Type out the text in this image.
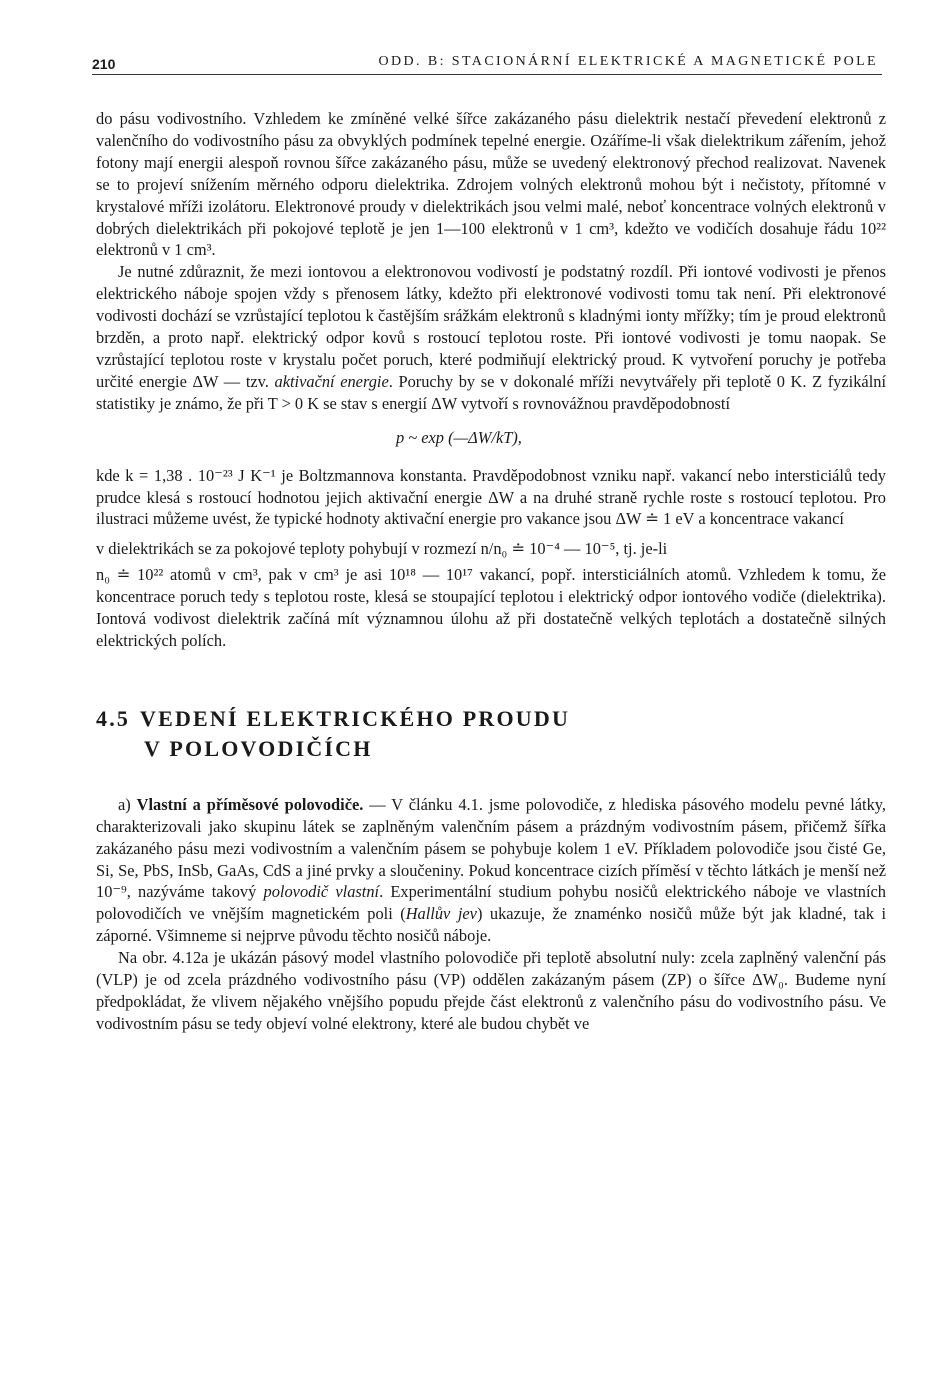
210	ODD. B: STACIONÁRNÍ ELEKTRICKÉ A MAGNETICKÉ POLE

do pásu vodivostního. Vzhledem ke zmíněné velké šířce zakázaného pásu dielektrik nestačí převedení elektronů z valenčního do vodivostního pásu za obvyklých podmínek tepelné energie. Ozáříme-li však dielektrikum zářením, jehož fotony mají energii alespoň rovnou šířce zakázaného pásu, může se uvedený elektronový přechod realizovat. Navenek se to projeví snížením měrného odporu dielektrika. Zdrojem volných elektronů mohou být i nečistoty, přítomné v krystalové mříži izolátoru. Elektronové proudy v dielektrikách jsou velmi malé, neboť koncentrace volných elektronů v dobrých dielektrikách při pokojové teplotě je jen 1—100 elektronů v 1 cm³, kdežto ve vodičích dosahuje řádu 10²² elektronů v 1 cm³.

Je nutné zdůraznit, že mezi iontovou a elektronovou vodivostí je podstatný rozdíl. Při iontové vodivosti je přenos elektrického náboje spojen vždy s přenosem látky, kdežto při elektronové vodivosti tomu tak není. Při elektronové vodivosti dochází se vzrůstající teplotou k častějším srážkám elektronů s kladnými ionty mřížky; tím je proud elektronů brzděn, a proto např. elektrický odpor kovů s rostoucí teplotou roste. Při iontové vodivosti je tomu naopak. Se vzrůstající teplotou roste v krystalu počet poruch, které podmiňují elektrický proud. K vytvoření poruchy je potřeba určité energie ΔW — tzv. aktivační energie. Poruchy by se v dokonalé mříži nevytvářely při teplotě 0 K. Z fyzikální statistiky je známo, že při T > 0 K se stav s energií ΔW vytvoří s rovnovážnou pravděpodobností

p ~ exp (—ΔW/kT),

kde k = 1,38 . 10⁻²³ J K⁻¹ je Boltzmannova konstanta. Pravděpodobnost vzniku např. vakancí nebo intersticiálů tedy prudce klesá s rostoucí hodnotou jejich aktivační energie ΔW a na druhé straně rychle roste s rostoucí teplotou. Pro ilustraci můžeme uvést, že typické hodnoty aktivační energie pro vakance jsou ΔW ≐ 1 eV a koncentrace vakancí

v dielektrikách se za pokojové teploty pohybují v rozmezí n/n₀ ≐ 10⁻⁴ — 10⁻⁵, tj. je-li

n₀ ≐ 10²² atomů v cm³, pak v cm³ je asi 10¹⁸ — 10¹⁷ vakancí, popř. intersticiálních atomů. Vzhledem k tomu, že koncentrace poruch tedy s teplotou roste, klesá se stoupající teplotou i elektrický odpor iontového vodiče (dielektrika). Iontová vodivost dielektrik začíná mít významnou úlohu až při dostatečně velkých teplotách a dostatečně silných elektrických polích.

4.5 VEDENÍ ELEKTRICKÉHO PROUDU
V POLOVODIČÍCH

a) Vlastní a příměsové polovodiče. — V článku 4.1. jsme polovodiče, z hlediska pásového modelu pevné látky, charakterizovali jako skupinu látek se zaplněným valenčním pásem a prázdným vodivostním pásem, přičemž šířka zakázaného pásu mezi vodivostním a valenčním pásem se pohybuje kolem 1 eV. Příkladem polovodiče jsou čisté Ge, Si, Se, PbS, InSb, GaAs, CdS a jiné prvky a sloučeniny. Pokud koncentrace cizích příměsí v těchto látkách je menší než 10⁻⁹, nazýváme takový polovodič vlastní. Experimentální studium pohybu nosičů elektrického náboje ve vlastních polovodičích ve vnějším magnetickém poli (Hallův jev) ukazuje, že znaménko nosičů může být jak kladné, tak i záporné. Všimneme si nejprve původu těchto nosičů náboje.

Na obr. 4.12a je ukázán pásový model vlastního polovodiče při teplotě absolutní nuly: zcela zaplněný valenční pás (VLP) je od zcela prázdného vodivostního pásu (VP) oddělen zakázaným pásem (ZP) o šířce ΔW₀. Budeme nyní předpokládat, že vlivem nějakého vnějšího popudu přejde část elektronů z valenčního pásu do vodivostního pásu. Ve vodivostním pásu se tedy objeví volné elektrony, které ale budou chybět ve
